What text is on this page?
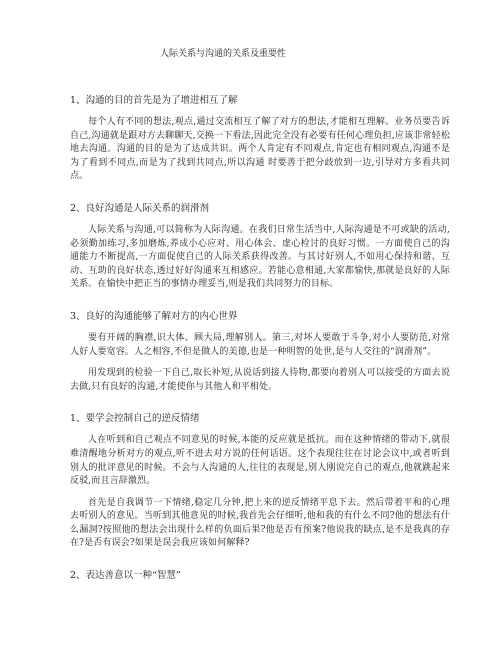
人际关系与沟通的关系及重要性
1、沟通的目的首先是为了增进相互了解

每个人有不同的想法,观点,通过交流相互了解了对方的想法,才能相互理解。业务员要告诉自己,沟通就是跟对方去聊聊天,交换一下看法,因此完全没有必要有任何心理负担,应该非常轻松地去沟通。沟通的目的是为了达成共识。两个人肯定有不同观点,肯定也有相同观点,沟通不是为了看到不同点,而是为了找到共同点,所以沟通 时要善于把分歧放到一边,引导对方多看共同点。

2、良好沟通是人际关系的润滑剂

人际关系与沟通,可以简称为人际沟通。在我们日常生活当中,人际沟通是不可或缺的活动,必须勤加练习,多加磨炼,养成小心应对、用心体会、虚心检讨的良好习惯。一方面使自己的沟通能力不断提高,一方面促使自己的人际关系获得改善。与其讨好别人,不如用心保持和谐、互动、互助的良好状态,透过好好沟通来互相感应。若能心意相通,大家都愉快,那就是良好的人际关系。在愉快中把正当的事情办理妥当,则是我们共同努力的目标。

3、良好的沟通能够了解对方的内心世界

要有开阔的胸襟,识大体、顾大局,理解别人。第三,对坏人要敢于斗争,对小人要防范,对常人好人要宽容。人之相容,不但是做人的美德,也是一种明智的处世,是与人交往的“润滑剂”。

用发现到的检验一下自己,取长补短,从说话到接人待物,都要向着别人可以接受的方面去说去做,只有良好的沟通,才能使你与其他人和平相处。

1、要学会控制自己的逆反情绪

人在听到和自己观点不同意见的时候,本能的反应就是抵抗。而在这种情绪的带动下,就很难清醒地分析对方的观点,听不进去对方说的任何话语。这个表现往往在讨论会议中,或者听到别人的批评意见的时候。不会与人沟通的人,往往的表现是,别人刚说完自己的观点,他就跳起来反驳,而且言辞激烈。

首先是自我调节一下情绪,稳定几分钟,把上来的逆反情绪平息下去。然后带着平和的心理去听别人的意见。当听到其他意见的时候,我首先会仔细听,他和我的有什么不同?他的想法有什么漏洞?按照他的想法会出现什么样的负面后果?他是否有预案?他说我的缺点,是不是我真的存在?是否有误会?如果是误会我应该如何解释?

2、表达善意以一种“智慧”
